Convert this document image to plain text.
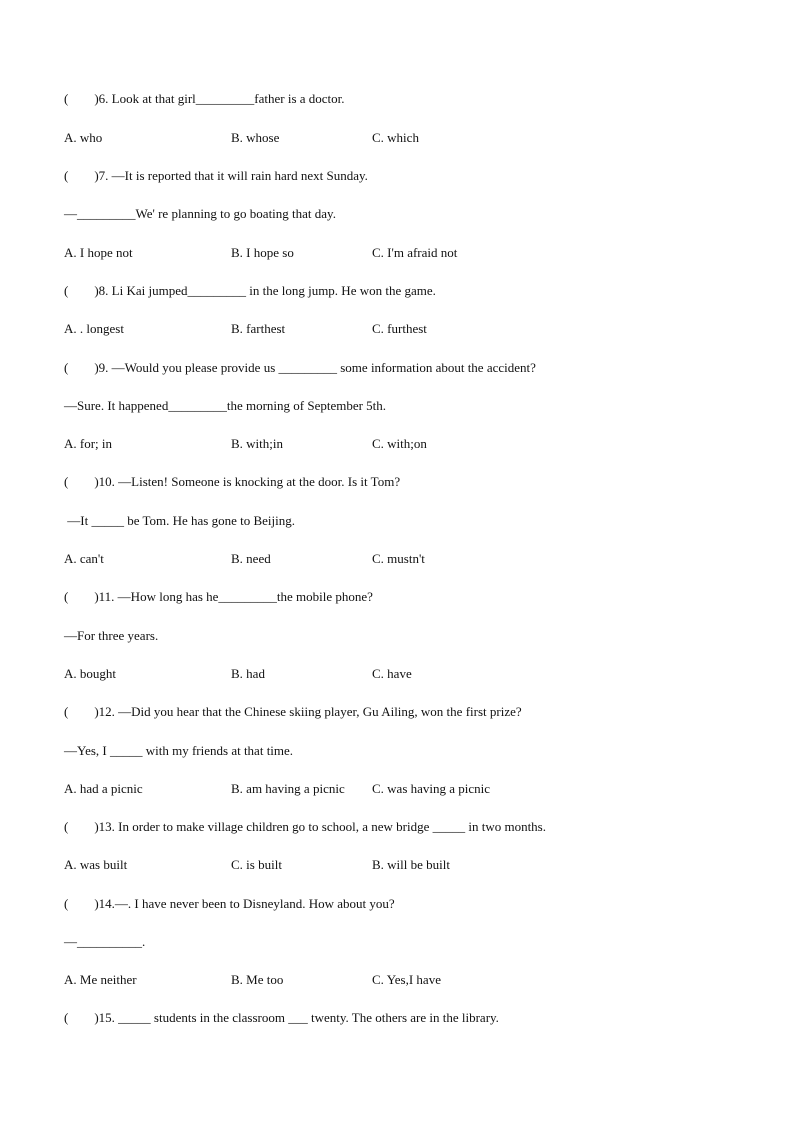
(        )6. Look at that girl_________father is a doctor.
A. who	B. whose	C. which
(        )7. —It is reported that it will rain hard next Sunday.
—_________We' re planning to go boating that day.
A. I hope not	B. I hope so	C. I'm afraid not
(        )8. Li Kai jumped_________ in the long jump. He won the game.
A. . longest	B. farthest	C. furthest
(        )9. —Would you please provide us _________ some information about the accident?
—Sure. It happened_________the morning of September 5th.
A. for; in	B. with;in	C. with;on
(        )10. —Listen! Someone is knocking at the door. Is it Tom?
—It _____ be Tom. He has gone to Beijing.
A. can't	B. need	C. mustn't
(        )11. —How long has he_________the mobile phone?
—For three years.
A. bought	B. had	C. have
(        )12. —Did you hear that the Chinese skiing player, Gu Ailing, won the first prize?
—Yes, I _____ with my friends at that time.
A. had a picnic	B. am having a picnic C. was having a picnic
(        )13. In order to make village children go to school, a new bridge _____ in two months.
A. was built	C. is built	B. will be built
(        )14.—. I have never been to Disneyland. How about you?
—__________.
A. Me neither	B. Me too	C. Yes,I have
(        )15. _____ students in the classroom ___ twenty. The others are in the library.
